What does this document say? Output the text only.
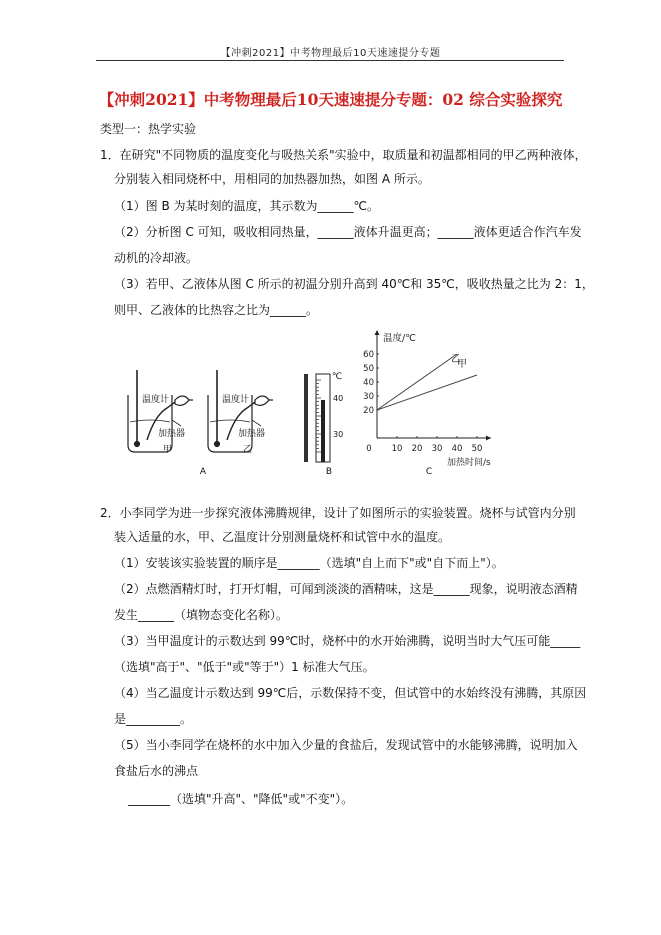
【冲刺2021】中考物理最后10天速速提分专题
【冲刺2021】中考物理最后10天速速提分专题：02 综合实验探究
类型一：热学实验
1．在研究"不同物质的温度变化与吸热关系"实验中，取质量和初温都相同的甲乙两种液体，
分别装入相同烧杯中，用相同的加热器加热，如图 A 所示。
（1）图 B 为某时刻的温度，其示数为______℃。
（2）分析图 C 可知，吸收相同热量，______液体升温更高；______液体更适合作汽车发
动机的冷却液。
（3）若甲、乙液体从图 C 所示的初温分别升高到 40℃和 35℃，吸收热量之比为 2：1，
则甲、乙液体的比热容之比为______。
温度计
加热器
甲
温度计
加热器
乙
A
℃
40
30
B
0 10 20 30 40 50
20
30
40
50
60
温度/℃
加热时间/s
乙
甲
C
2．小李同学为进一步探究液体沸腾规律，设计了如图所示的实验装置。烧杯与试管内分别
装入适量的水，甲、乙温度计分别测量烧杯和试管中水的温度。
（1）安装该实验装置的顺序是_______（选填"自上而下"或"自下而上"）。
（2）点燃酒精灯时，打开灯帽，可闻到淡淡的酒精味，这是______现象，说明液态酒精
发生______（填物态变化名称）。
（3）当甲温度计的示数达到 99℃时，烧杯中的水开始沸腾，说明当时大气压可能_____
（选填"高于"、"低于"或"等于"）1 标准大气压。
（4）当乙温度计示数达到 99℃后，示数保持不变，但试管中的水始终没有沸腾，其原因
是_________。
（5）当小李同学在烧杯的水中加入少量的食盐后，发现试管中的水能够沸腾，说明加入
食盐后水的沸点
_______（选填"升高"、"降低"或"不变"）。
